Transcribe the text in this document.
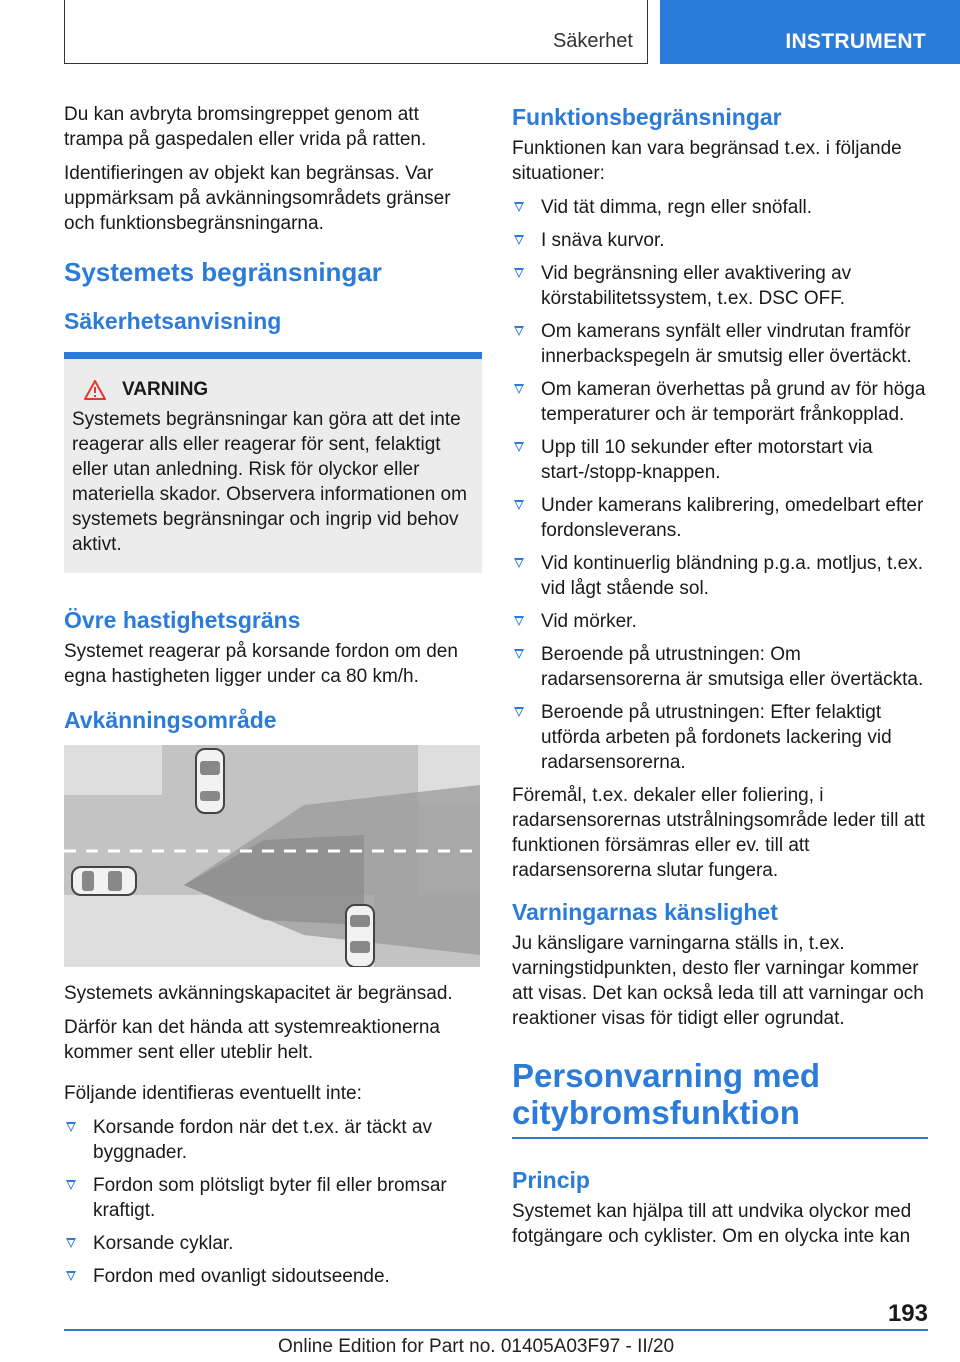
Säkerhet	INSTRUMENT

Du kan avbryta bromsingreppet genom att trampa på gaspedalen eller vrida på ratten.

Identifieringen av objekt kan begränsas. Var uppmärksam på avkänningsområdets gränser och funktionsbegränsningarna.

Systemets begränsningar
Säkerhetsanvisning
VARNING

Systemets begränsningar kan göra att det inte reagerar alls eller reagerar för sent, felaktigt eller utan anledning. Risk för olyckor eller materiella skador. Observera informationen om systemets begränsningar och ingrip vid behov aktivt.

Övre hastighetsgräns

Systemet reagerar på korsande fordon om den egna hastigheten ligger under ca 80 km/h.

Avkänningsområde

Systemets avkänningskapacitet är begränsad.

Därför kan det hända att systemreaktionerna kommer sent eller uteblir helt.

Följande identifieras eventuellt inte:

Korsande fordon när det t.ex. är täckt av byggnader.
Fordon som plötsligt byter fil eller bromsar kraftigt.
Korsande cyklar.
Fordon med ovanligt sidoutseende.
Funktionsbegränsningar

Funktionen kan vara begränsad t.ex. i följande situationer:

Vid tät dimma, regn eller snöfall.
I snäva kurvor.
Vid begränsning eller avaktivering av körstabilitetssystem, t.ex. DSC OFF.
Om kamerans synfält eller vindrutan framför innerbackspegeln är smutsig eller övertäckt.
Om kameran överhettas på grund av för höga temperaturer och är temporärt frånkopplad.
Upp till 10 sekunder efter motorstart via start-/stopp-knappen.
Under kamerans kalibrering, omedelbart efter fordonsleverans.
Vid kontinuerlig bländning p.g.a. motljus, t.ex. vid lågt stående sol.
Vid mörker.
Beroende på utrustningen: Om radarsensorerna är smutsiga eller övertäckta.
Beroende på utrustningen: Efter felaktigt utförda arbeten på fordonets lackering vid radarsensorerna.

Föremål, t.ex. dekaler eller foliering, i radarsensorernas utstrålningsområde leder till att funktionen försämras eller ev. till att radarsensorerna slutar fungera.

Varningarnas känslighet

Ju känsligare varningarna ställs in, t.ex. varningstidpunkten, desto fler varningar kommer att visas. Det kan också leda till att varningar och reaktioner visas för tidigt eller ogrundat.

Personvarning med citybromsfunktion
Princip

Systemet kan hjälpa till att undvika olyckor med fotgängare och cyklister. Om en olycka inte kan

193
Online Edition for Part no. 01405A03F97 - II/20
